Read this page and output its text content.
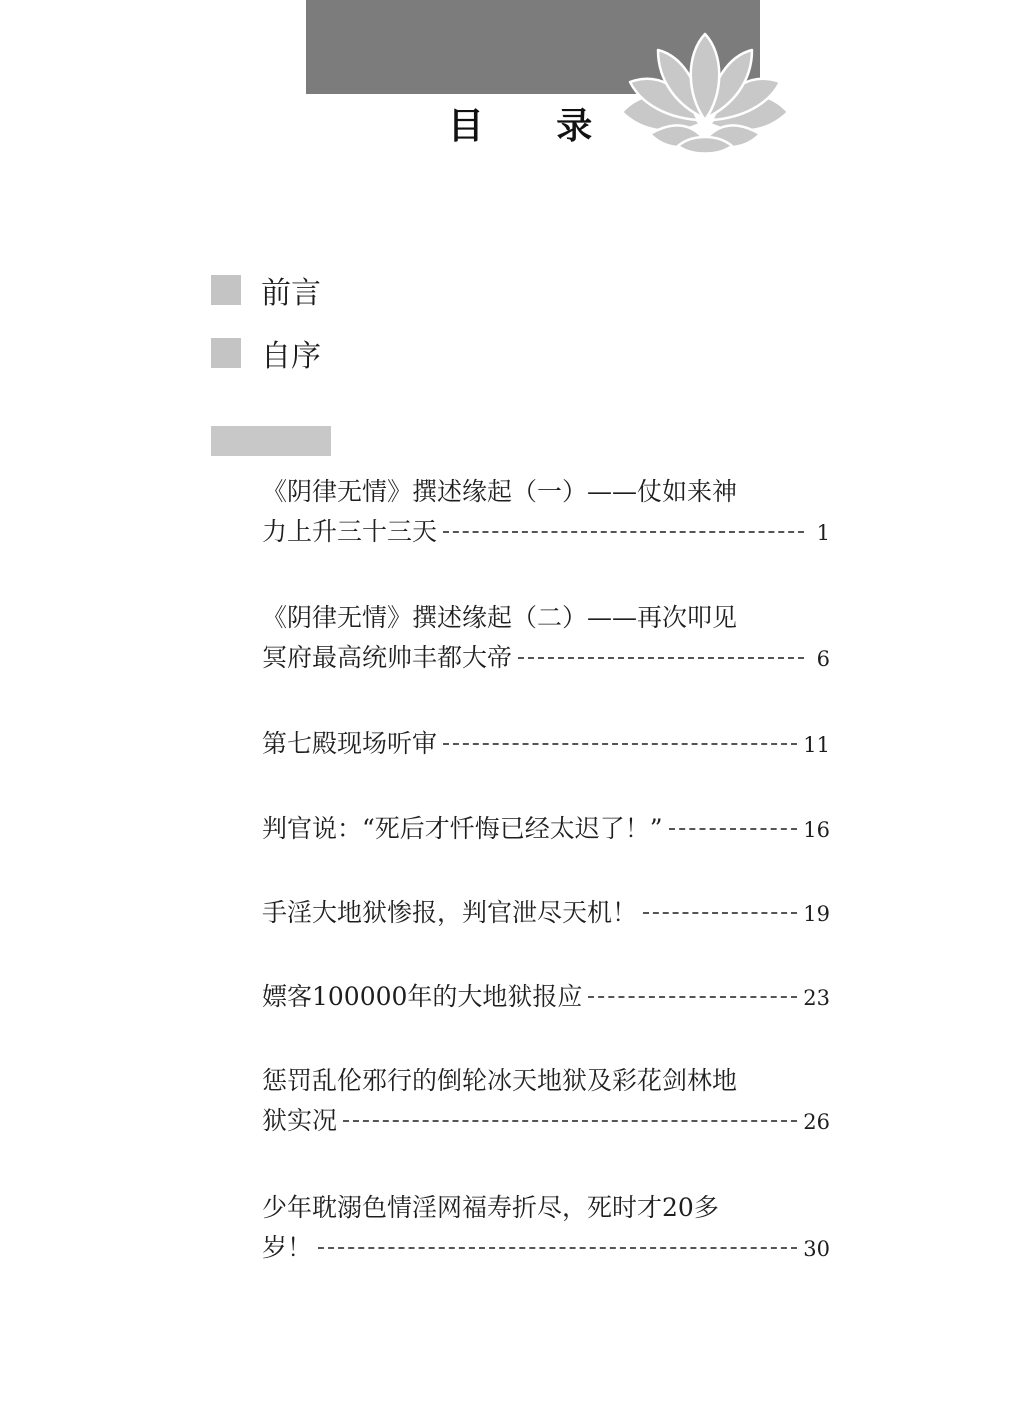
目 录
前言
自序
《阴律无情》撰述缘起（一）——仗如来神
力上升三十三天	1
《阴律无情》撰述缘起（二）——再次叩见
冥府最高统帅丰都大帝	6
第七殿现场听审	11
判官说：“死后才忏悔已经太迟了！”	16
手淫大地狱惨报，判官泄尽天机！	19
嫖客100000年的大地狱报应	23
惩罚乱伦邪行的倒轮冰天地狱及彩花剑林地
狱实况	26
少年耽溺色情淫网福寿折尽，死时才20多
岁！	30
